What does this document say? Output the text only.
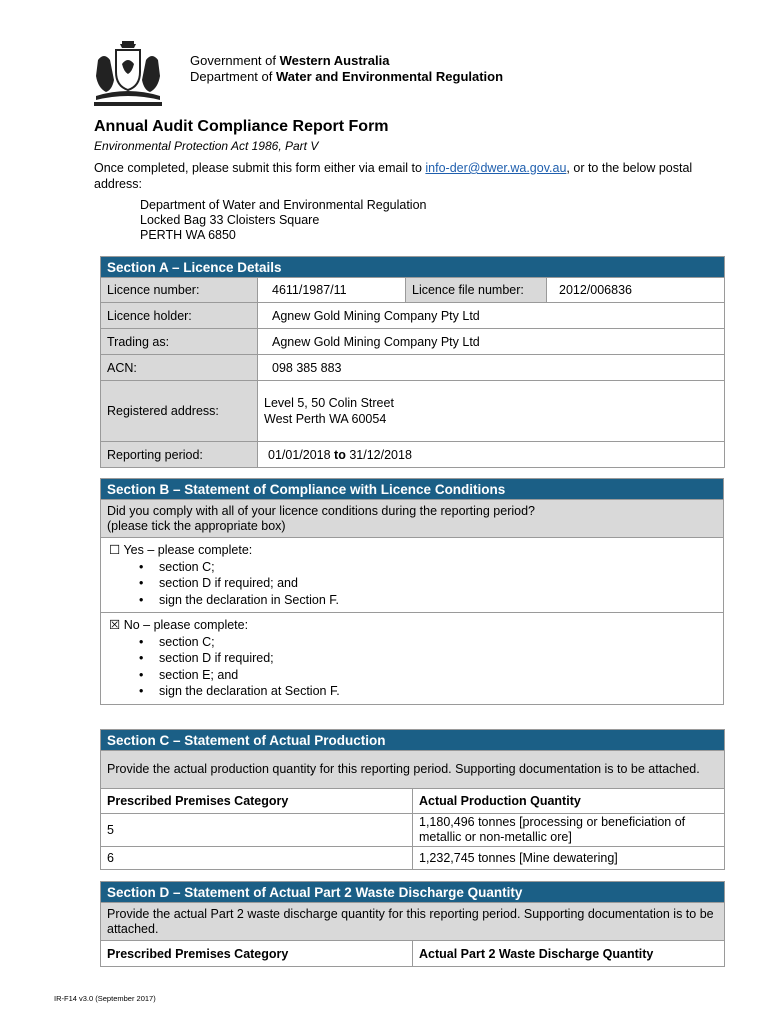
Government of Western Australia
Department of Water and Environmental Regulation
Annual Audit Compliance Report Form
Environmental Protection Act 1986, Part V
Once completed, please submit this form either via email to info-der@dwer.wa.gov.au, or to the below postal address:
Department of Water and Environmental Regulation
Locked Bag 33 Cloisters Square
PERTH WA 6850
Section A – Licence Details			
Licence number:	4611/1987/11	Licence file number:	2012/006836
Licence holder:	Agnew Gold Mining Company Pty Ltd		
Trading as:	Agnew Gold Mining Company Pty Ltd		
ACN:	098 385 883		
Registered address:	Level 5, 50 Colin Street
West Perth WA 60054		

Reporting period:	01/01/2018 to 31/12/2018		
Section B – Statement of Compliance with Licence Conditions

Did you comply with all of your licence conditions during the reporting period?
(please tick the appropriate box)

☐ Yes – please complete:
• section C;
• section D if required; and
• sign the declaration in Section F.

☒ No – please complete:
• section C;
• section D if required;
• section E; and
• sign the declaration at Section F.
Section C – Statement of Actual Production	
Provide the actual production quantity for this reporting period. Supporting documentation is to be attached.	
Prescribed Premises Category	Actual Production Quantity
5	1,180,496 tonnes [processing or beneficiation of metallic or non-metallic ore]
6	1,232,745 tonnes [Mine dewatering]
Section D – Statement of Actual Part 2 Waste Discharge Quantity
Provide the actual Part 2 waste discharge quantity for this reporting period. Supporting documentation is to be attached.
Prescribed Premises Category	Actual Part 2 Waste Discharge Quantity
IR-F14 v3.0 (September 2017)
